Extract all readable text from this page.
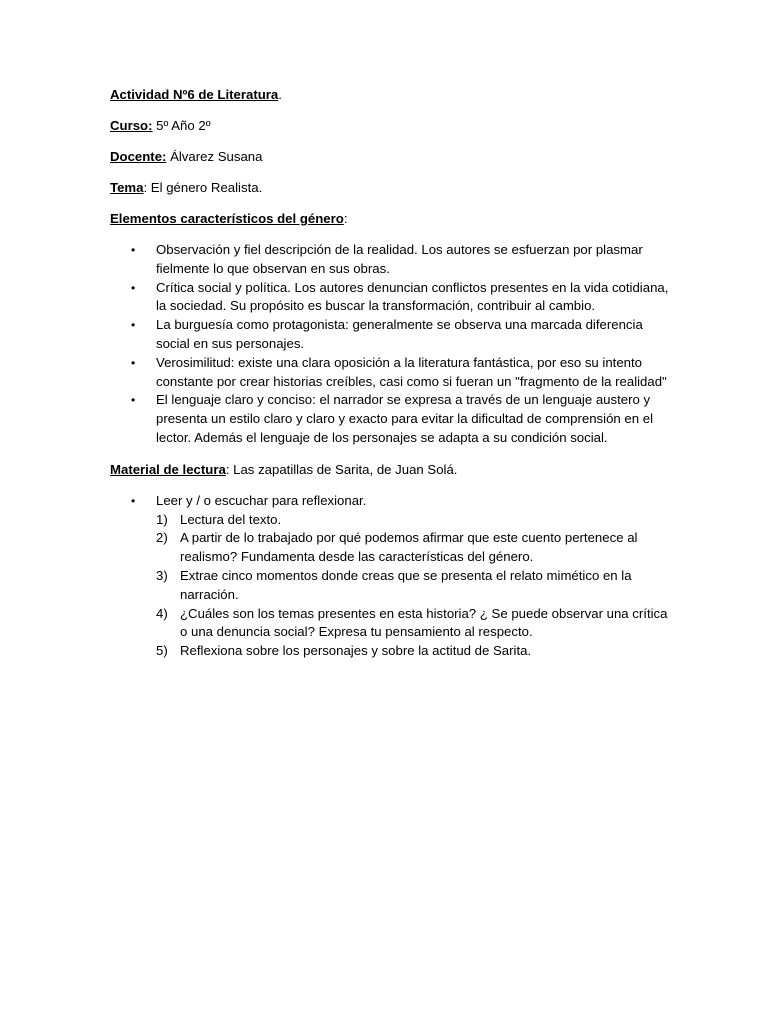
Actividad Nº6 de Literatura.

Curso: 5º Año 2º

Docente: Álvarez Susana

Tema: El género Realista.

Elementos característicos del género:

• Observación y fiel descripción de la realidad. Los autores se esfuerzan por plasmar fielmente lo que observan en sus obras.
• Crítica social y política. Los autores denuncian conflictos presentes en la vida cotidiana, la sociedad. Su propósito es buscar la transformación, contribuir al cambio.
• La burguesía como protagonista: generalmente se observa una marcada diferencia social en sus personajes.
• Verosimilitud: existe una clara oposición a la literatura fantástica, por eso su intento constante por crear historias creíbles, casi como si fueran un "fragmento de la realidad"
• El lenguaje claro y conciso: el narrador se expresa a través de un lenguaje austero y presenta un estilo claro y claro y exacto para evitar la dificultad de comprensión en el lector. Además el lenguaje de los personajes se adapta a su condición social.

Material de lectura: Las zapatillas de Sarita, de Juan Solá.

• Leer y / o escuchar para reflexionar.
1) Lectura del texto.
2) A partir de lo trabajado por qué podemos afirmar que este cuento pertenece al realismo? Fundamenta desde las características del género.
3) Extrae cinco momentos donde creas que se presenta el relato mimético en la narración.
4) ¿Cuáles son los temas presentes en esta historia? ¿ Se puede observar una crítica o una denuncia social? Expresa tu pensamiento al respecto.
5) Reflexiona sobre los personajes y sobre la actitud de Sarita.
